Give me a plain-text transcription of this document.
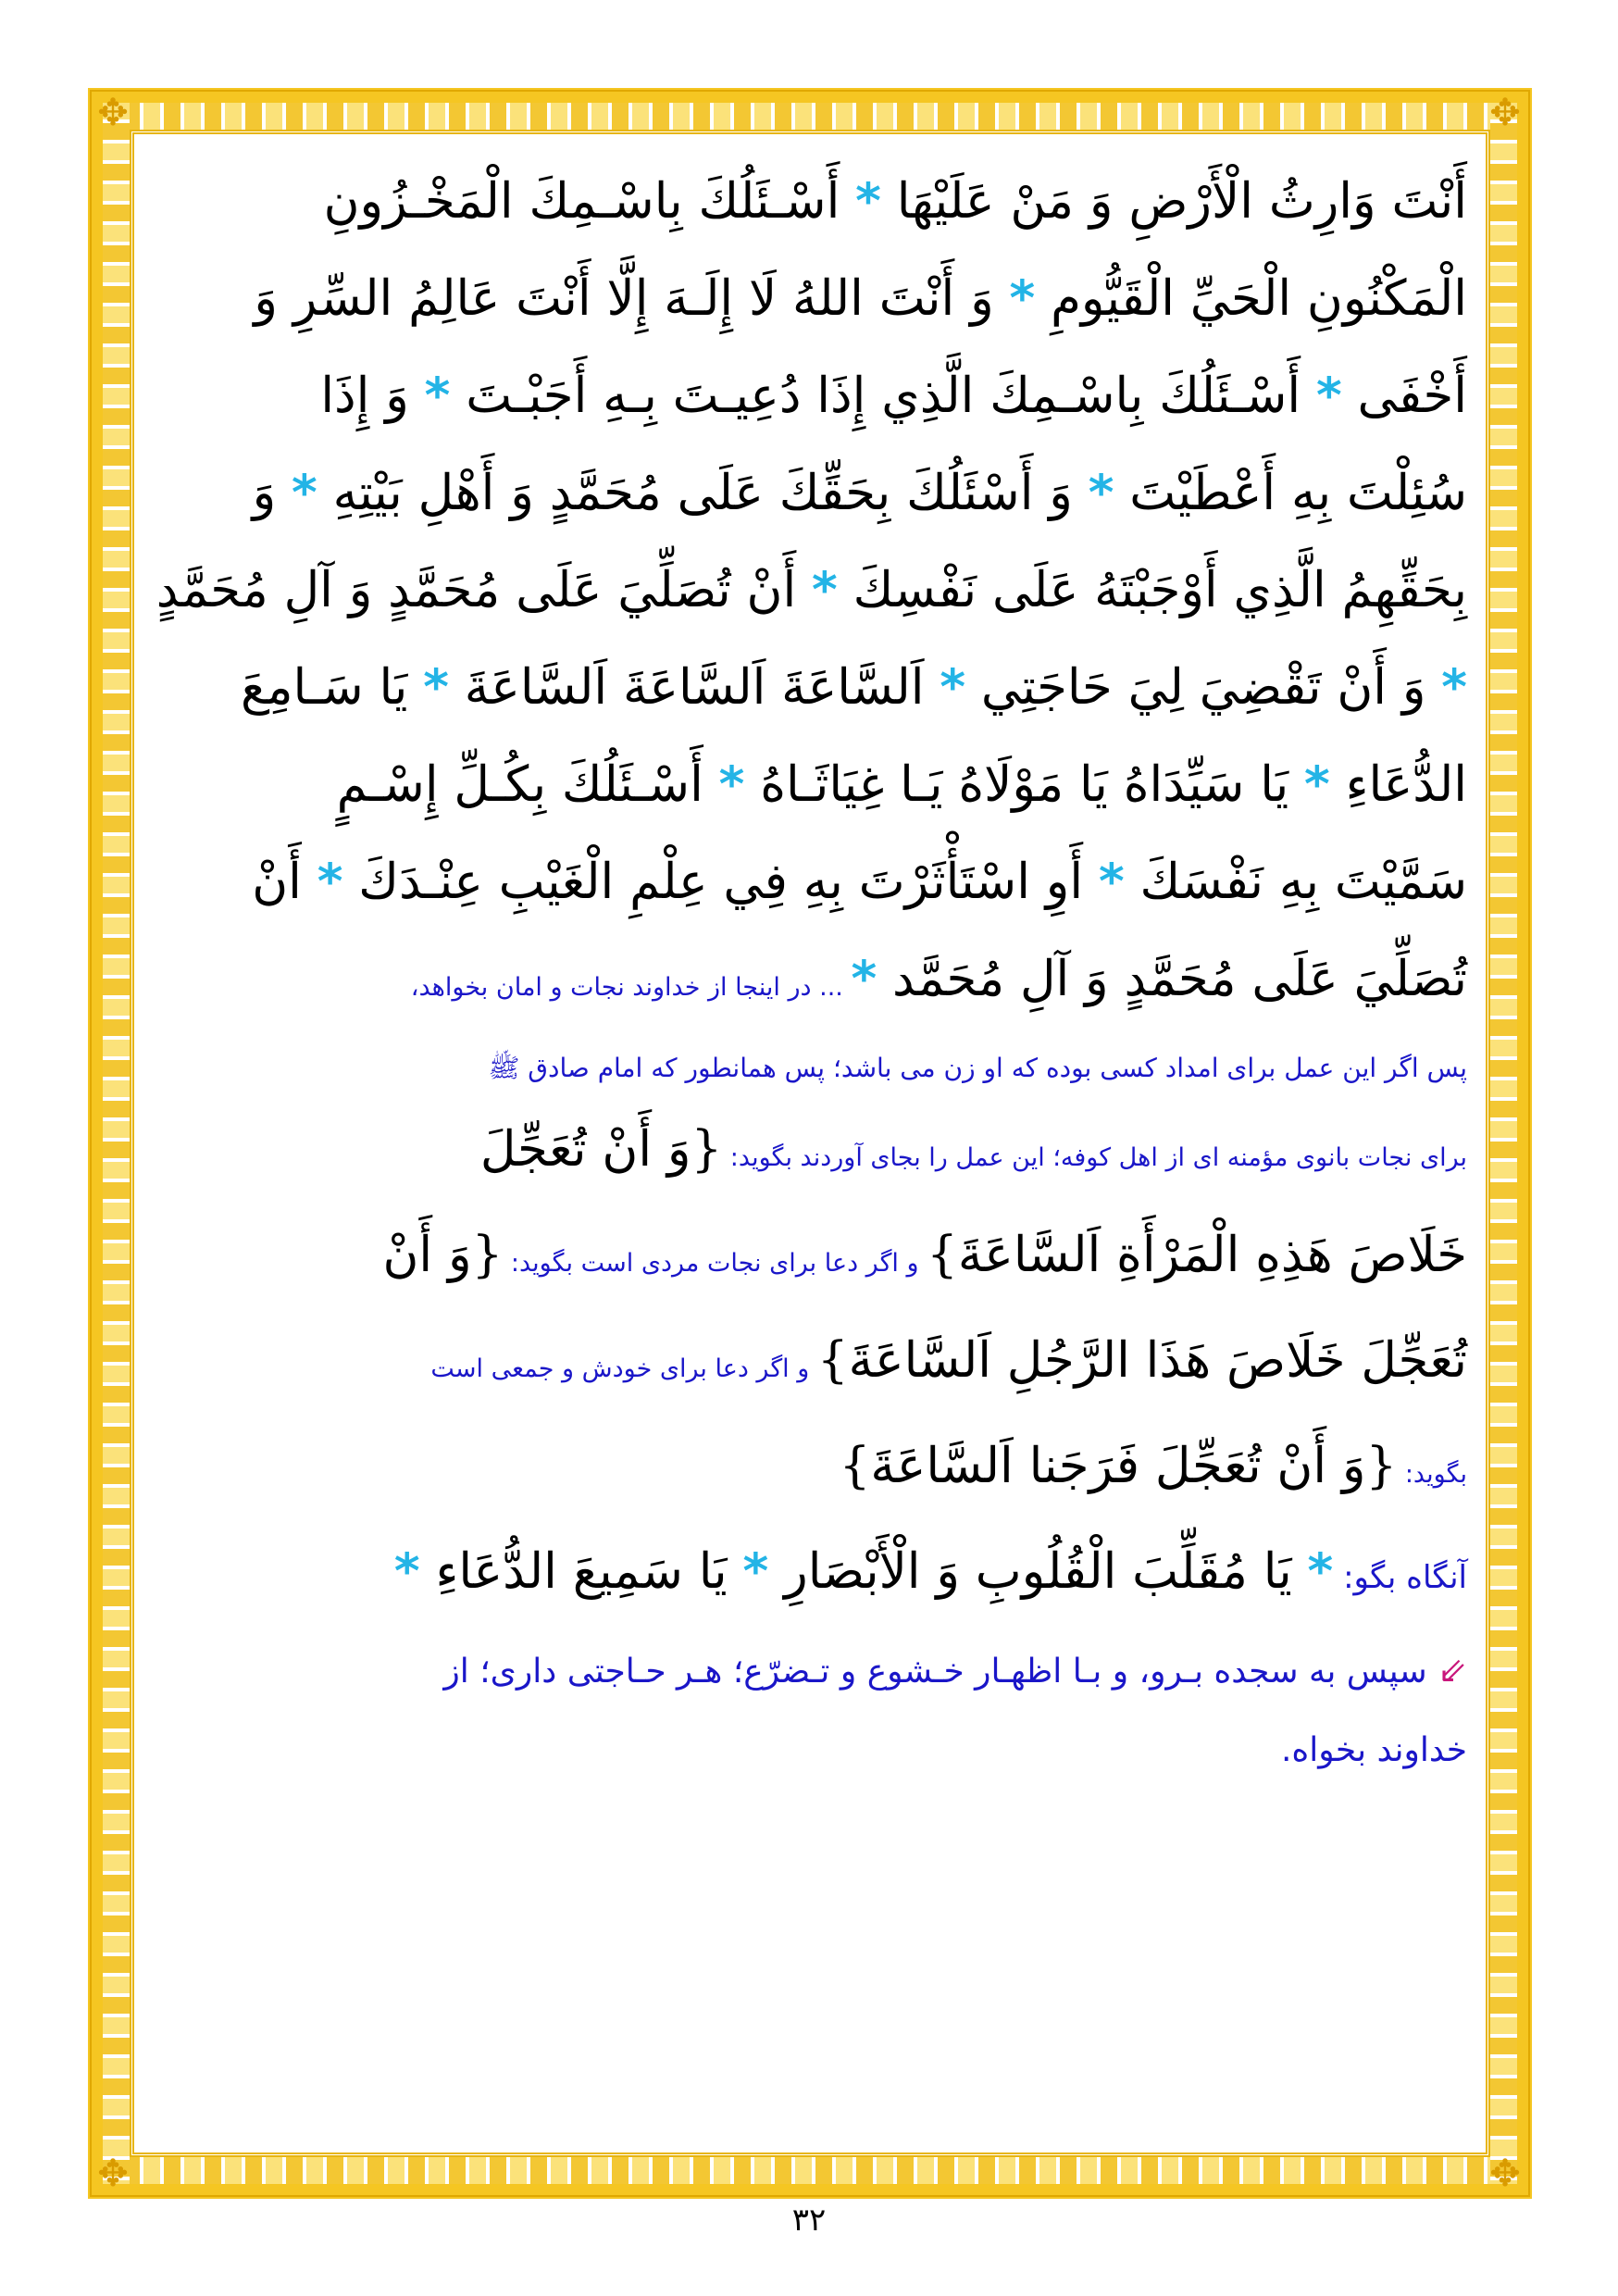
✥	✥
✥	✥
أَنْتَ وَارِثُ الْأَرْضِ وَ مَنْ عَلَيْهَا * أَسْـئَلُكَ بِاسْـمِكَ الْمَخْـزُونِ
الْمَكْنُونِ الْحَيِّ الْقَيُّومِ * وَ أَنْتَ اللهُ لَا إِلَـهَ إِلَّا أَنْتَ عَالِمُ السِّرِ وَ
أَخْفَى * أَسْـئَلُكَ بِاسْـمِكَ الَّذِي إِذَا دُعِيـتَ بِـهِ أَجَبْـتَ * وَ إِذَا
سُئِلْتَ بِهِ أَعْطَيْتَ * وَ أَسْئَلُكَ بِحَقِّكَ عَلَى مُحَمَّدٍ وَ أَهْلِ بَيْتِهِ * وَ
بِحَقِّهِمُ الَّذِي أَوْجَبْتَهُ عَلَى نَفْسِكَ * أَنْ تُصَلِّيَ عَلَى مُحَمَّدٍ وَ آلِ مُحَمَّدٍ
* وَ أَنْ تَقْضِيَ لِيَ حَاجَتِي * اَلسَّاعَةَ اَلسَّاعَةَ اَلسَّاعَةَ * يَا سَـامِعَ
الدُّعَاءِ * يَا سَيِّدَاهُ يَا مَوْلَاهُ يَـا غِيَاثَـاهُ * أَسْـئَلُكَ بِكُـلِّ إِسْـمٍ
سَمَّيْتَ بِهِ نَفْسَكَ * أَوِ اسْتَأْثَرْتَ بِهِ فِي عِلْمِ الْغَيْبِ عِنْـدَكَ * أَنْ
تُصَلِّيَ عَلَى مُحَمَّدٍ وَ آلِ مُحَمَّد * ... در اینجا از خداوند نجات و امان بخواهد،
پس اگر این عمل برای امداد کسی بوده که او زن می باشد؛ پس همانطور که امام صادق ﷺ
برای نجات بانوی مؤمنه ای از اهل کوفه؛ این عمل را بجای آوردند بگوید: {وَ أَنْ تُعَجِّلَ
خَلَاصَ هَذِهِ الْمَرْأَةِ اَلسَّاعَةَ} و اگر دعا برای نجات مردی است بگوید: {وَ أَنْ
تُعَجِّلَ خَلَاصَ هَذَا الرَّجُلِ اَلسَّاعَةَ} و اگر دعا برای خودش و جمعی است
بگوید: {وَ أَنْ تُعَجِّلَ فَرَجَنا اَلسَّاعَةَ}
آنگاه بگو: * يَا مُقَلِّبَ الْقُلُوبِ وَ الْأَبْصَارِ * يَا سَمِيعَ الدُّعَاءِ *
⇙ سپس به سجده بـرو، و بـا اظهـار خـشوع و تـضرّع؛ هـر حـاجتی داری؛ از
خداوند بخواه.
۳۲
